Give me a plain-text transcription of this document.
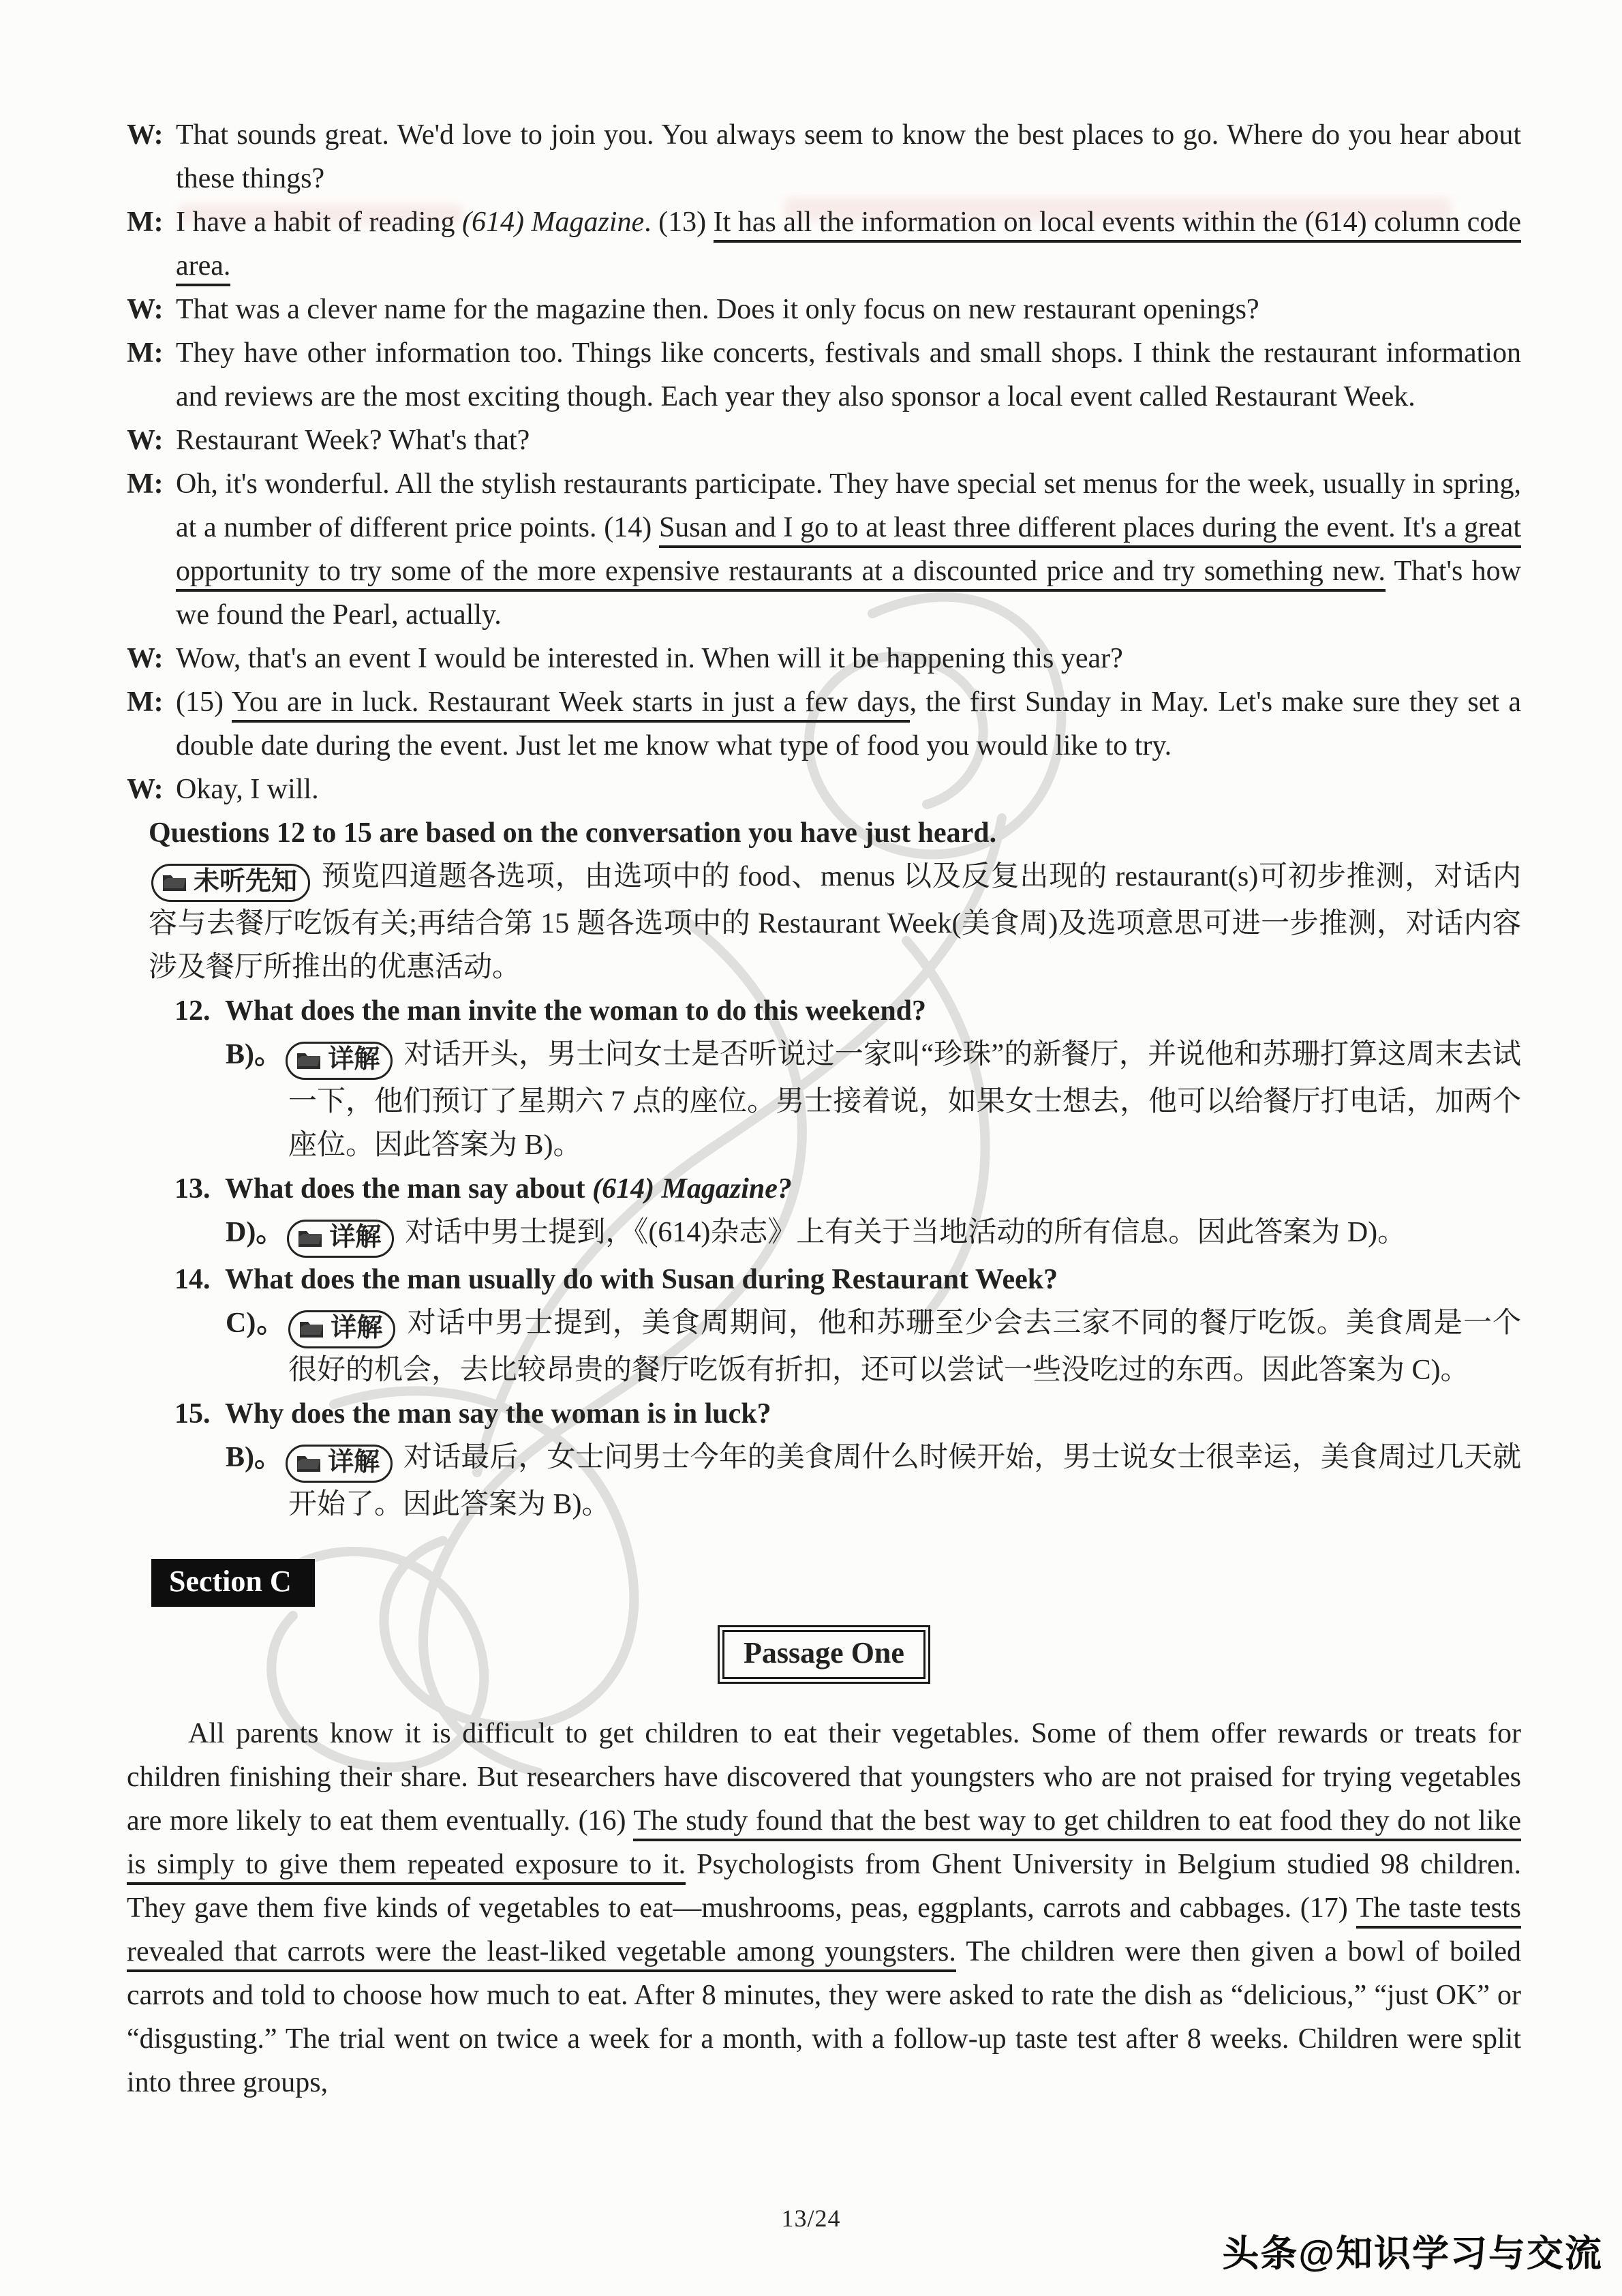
W: That sounds great. We'd love to join you. You always seem to know the best places to go. Where do you hear about these things?
M: I have a habit of reading (614) Magazine. (13) It has all the information on local events within the (614) column code area.
W: That was a clever name for the magazine then. Does it only focus on new restaurant openings?
M: They have other information too. Things like concerts, festivals and small shops. I think the restaurant information and reviews are the most exciting though. Each year they also sponsor a local event called Restaurant Week.
W: Restaurant Week? What's that?
M: Oh, it's wonderful. All the stylish restaurants participate. They have special set menus for the week, usually in spring, at a number of different price points. (14) Susan and I go to at least three different places during the event. It's a great opportunity to try some of the more expensive restaurants at a discounted price and try something new. That's how we found the Pearl, actually.
W: Wow, that's an event I would be interested in. When will it be happening this year?
M: (15) You are in luck. Restaurant Week starts in just a few days, the first Sunday in May. Let's make sure they set a double date during the event. Just let me know what type of food you would like to try.
W: Okay, I will.
Questions 12 to 15 are based on the conversation you have just heard.
未听先知 预览四道题各选项，由选项中的 food、menus 以及反复出现的 restaurant(s)可初步推测，对话内容与去餐厅吃饭有关;再结合第 15 题各选项中的 Restaurant Week(美食周)及选项意思可进一步推测，对话内容涉及餐厅所推出的优惠活动。
12. What does the man invite the woman to do this weekend?
B)。 详解 对话开头，男士问女士是否听说过一家叫“珍珠”的新餐厅，并说他和苏珊打算这周末去试一下，他们预订了星期六 7 点的座位。男士接着说，如果女士想去，他可以给餐厅打电话，加两个座位。因此答案为 B)。
13. What does the man say about (614) Magazine?
D)。 详解 对话中男士提到，《(614)杂志》上有关于当地活动的所有信息。因此答案为 D)。
14. What does the man usually do with Susan during Restaurant Week?
C)。 详解 对话中男士提到，美食周期间，他和苏珊至少会去三家不同的餐厅吃饭。美食周是一个很好的机会，去比较昂贵的餐厅吃饭有折扣，还可以尝试一些没吃过的东西。因此答案为 C)。
15. Why does the man say the woman is in luck?
B)。 详解 对话最后，女士问男士今年的美食周什么时候开始，男士说女士很幸运，美食周过几天就开始了。因此答案为 B)。
Section C
Passage One

All parents know it is difficult to get children to eat their vegetables. Some of them offer rewards or treats for children finishing their share. But researchers have discovered that youngsters who are not praised for trying vegetables are more likely to eat them eventually. (16) The study found that the best way to get children to eat food they do not like is simply to give them repeated exposure to it. Psychologists from Ghent University in Belgium studied 98 children. They gave them five kinds of vegetables to eat—mushrooms, peas, eggplants, carrots and cabbages. (17) The taste tests revealed that carrots were the least-liked vegetable among youngsters. The children were then given a bowl of boiled carrots and told to choose how much to eat. After 8 minutes, they were asked to rate the dish as “delicious,” “just OK” or “disgusting.” The trial went on twice a week for a month, with a follow-up taste test after 8 weeks. Children were split into three groups,

13/24
头条@知识学习与交流
